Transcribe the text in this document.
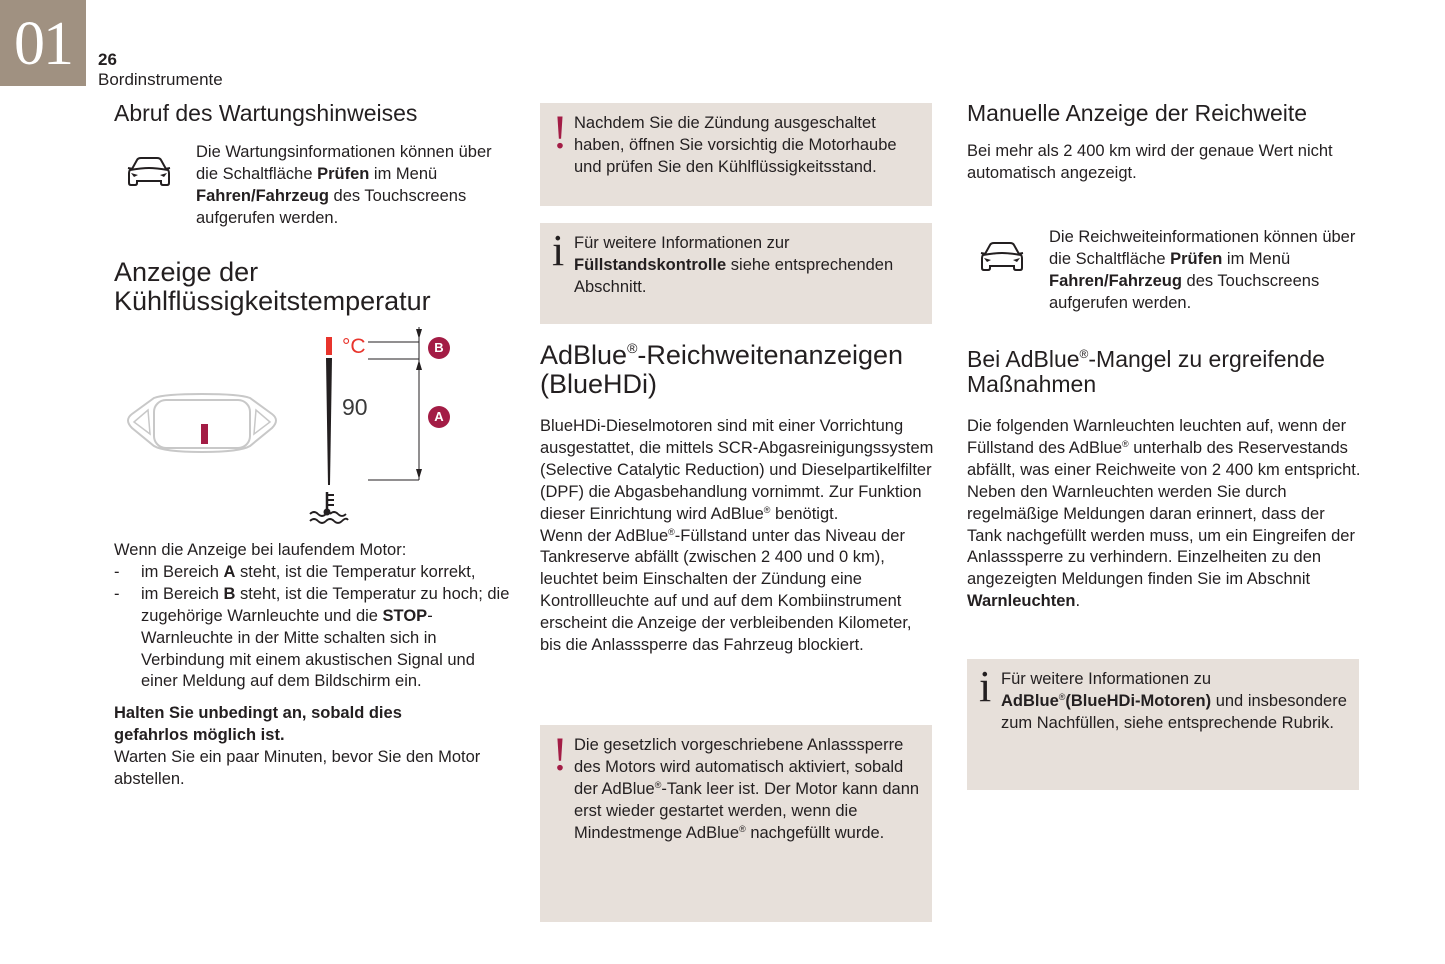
01	26
Bordinstrumente
Abruf des Wartungshinweises

Die Wartungsinformationen können über die Schaltfläche Prüfen im Menü Fahren/Fahrzeug des Touchscreens aufgerufen werden.

Anzeige der
Kühlflüssigkeitstemperatur
°C
90
B
A

Wenn die Anzeige bei laufendem Motor:

- im Bereich A steht, ist die Temperatur korrekt,
- im Bereich B steht, ist die Temperatur zu hoch; die zugehörige Warnleuchte und die STOP-Warnleuchte in der Mitte schalten sich in Verbindung mit einem akustischen Signal und einer Meldung auf dem Bildschirm ein.

Halten Sie unbedingt an, sobald dies gefahrlos möglich ist.

Warten Sie ein paar Minuten, bevor Sie den Motor abstellen.

! Nachdem Sie die Zündung ausgeschaltet haben, öffnen Sie vorsichtig die Motorhaube und prüfen Sie den Kühlflüssigkeitsstand.

i Für weitere Informationen zur Füllstandskontrolle siehe entsprechenden Abschnitt.

AdBlue®-Reichweitenanzeigen
(BlueHDi)

BlueHDi-Dieselmotoren sind mit einer Vorrichtung ausgestattet, die mittels SCR-Abgasreinigungssystem (Selective Catalytic Reduction) und Dieselpartikelfilter (DPF) die Abgasbehandlung vornimmt. Zur Funktion dieser Einrichtung wird AdBlue® benötigt.

Wenn der AdBlue®-Füllstand unter das Niveau der Tankreserve abfällt (zwischen 2 400 und 0 km), leuchtet beim Einschalten der Zündung eine Kontrollleuchte auf und auf dem Kombiinstrument erscheint die Anzeige der verbleibenden Kilometer, bis die Anlasssperre das Fahrzeug blockiert.

! Die gesetzlich vorgeschriebene Anlasssperre des Motors wird automatisch aktiviert, sobald der AdBlue®-Tank leer ist. Der Motor kann dann erst wieder gestartet werden, wenn die Mindestmenge AdBlue® nachgefüllt wurde.

Manuelle Anzeige der Reichweite

Bei mehr als 2 400 km wird der genaue Wert nicht automatisch angezeigt.

Die Reichweiteinformationen können über die Schaltfläche Prüfen im Menü Fahren/Fahrzeug des Touchscreens aufgerufen werden.

Bei AdBlue®-Mangel zu ergreifende
Maßnahmen

Die folgenden Warnleuchten leuchten auf, wenn der Füllstand des AdBlue® unterhalb des Reservestands abfällt, was einer Reichweite von 2 400 km entspricht.

Neben den Warnleuchten werden Sie durch regelmäßige Meldungen daran erinnert, dass der Tank nachgefüllt werden muss, um ein Eingreifen der Anlasssperre zu verhindern. Einzelheiten zu den angezeigten Meldungen finden Sie im Abschnit Warnleuchten.

i Für weitere Informationen zu AdBlue®(BlueHDi-Motoren) und insbesondere zum Nachfüllen, siehe entsprechende Rubrik.
